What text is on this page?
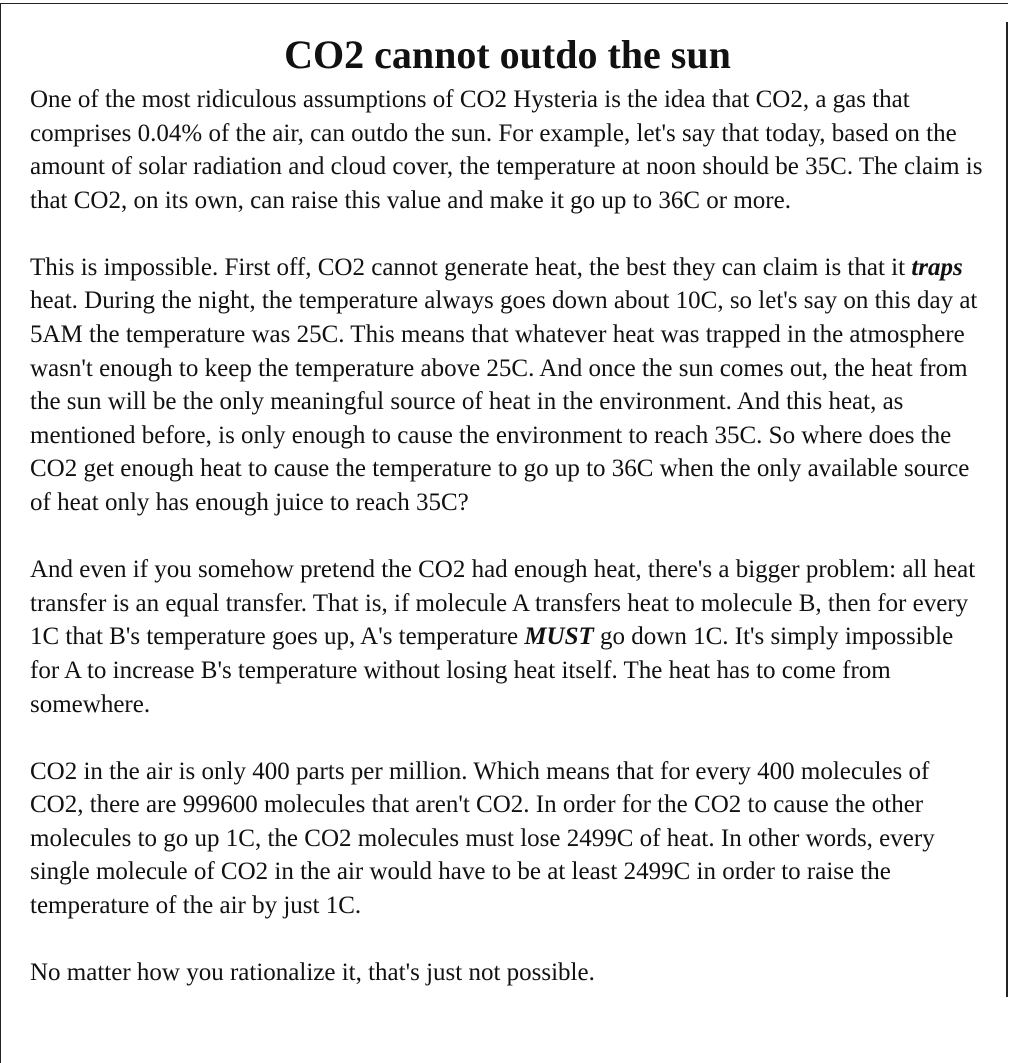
CO2 cannot outdo the sun

One of the most ridiculous assumptions of CO2 Hysteria is the idea that CO2, a gas that comprises 0.04% of the air, can outdo the sun. For example, let's say that today, based on the amount of solar radiation and cloud cover, the temperature at noon should be 35C. The claim is that CO2, on its own, can raise this value and make it go up to 36C or more.

This is impossible. First off, CO2 cannot generate heat, the best they can claim is that it traps heat. During the night, the temperature always goes down about 10C, so let's say on this day at 5AM the temperature was 25C. This means that whatever heat was trapped in the atmosphere wasn't enough to keep the temperature above 25C. And once the sun comes out, the heat from the sun will be the only meaningful source of heat in the environment. And this heat, as mentioned before, is only enough to cause the environment to reach 35C. So where does the CO2 get enough heat to cause the temperature to go up to 36C when the only available source of heat only has enough juice to reach 35C?

And even if you somehow pretend the CO2 had enough heat, there's a bigger problem: all heat transfer is an equal transfer. That is, if molecule A transfers heat to molecule B, then for every 1C that B's temperature goes up, A's temperature MUST go down 1C. It's simply impossible for A to increase B's temperature without losing heat itself. The heat has to come from somewhere.

CO2 in the air is only 400 parts per million. Which means that for every 400 molecules of CO2, there are 999600 molecules that aren't CO2. In order for the CO2 to cause the other molecules to go up 1C, the CO2 molecules must lose 2499C of heat. In other words, every single molecule of CO2 in the air would have to be at least 2499C in order to raise the temperature of the air by just 1C.

No matter how you rationalize it, that's just not possible.
